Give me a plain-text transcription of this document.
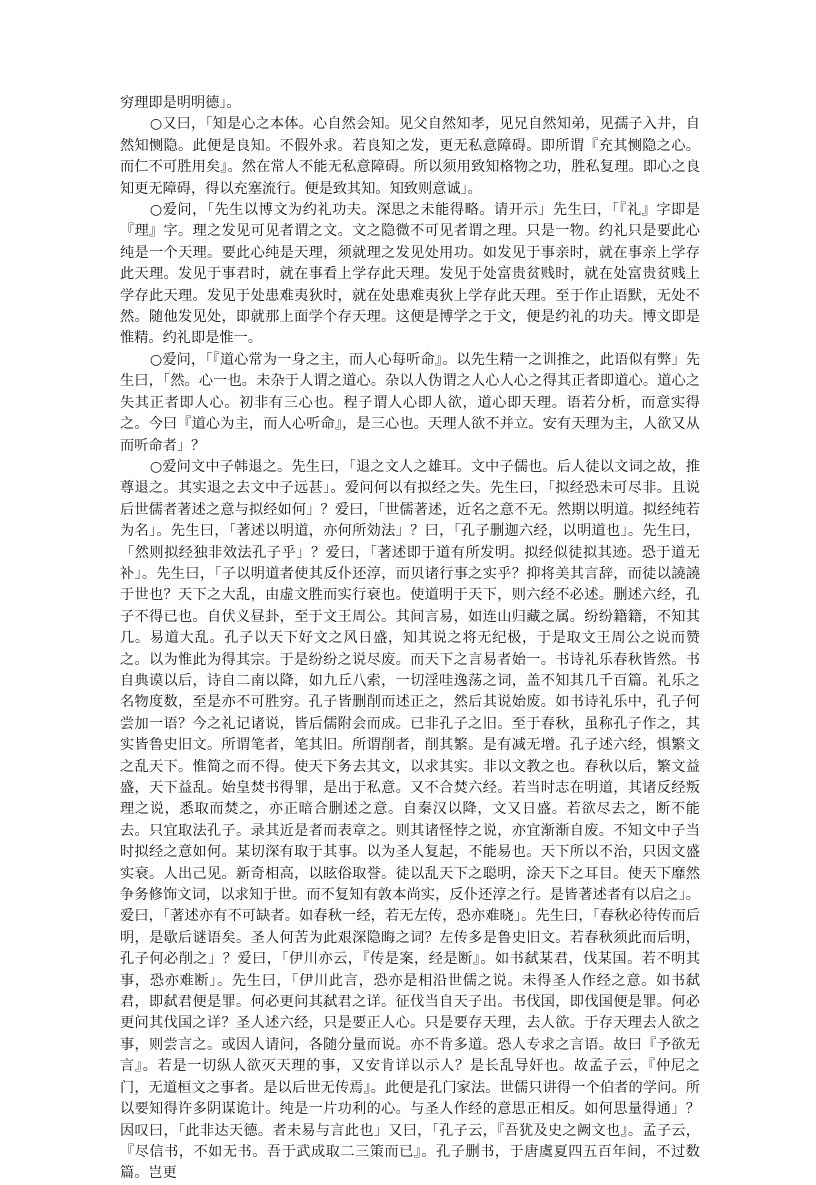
穷理即是明明德」。

○又曰，「知是心之本体。心自然会知。见父自然知孝，见兄自然知弟，见孺子入井，自然知恻隐。此便是良知。不假外求。若良知之发，更无私意障碍。即所谓『充其恻隐之心。而仁不可胜用矣』。然在常人不能无私意障碍。所以须用致知格物之功，胜私复理。即心之良知更无障碍，得以充塞流行。便是致其知。知致则意诚」。

○爱问，「先生以博文为约礼功夫。深思之未能得略。请开示」先生曰，「『礼』字即是『理』字。理之发见可见者谓之文。文之隐微不可见者谓之理。只是一物。约礼只是要此心纯是一个天理。要此心纯是天理，须就理之发见处用功。如发见于事亲时，就在事亲上学存此天理。发见于事君时，就在事看上学存此天理。发见于处富贵贫贱时，就在处富贵贫贱上学存此天理。发见于处患难夷狄时，就在处患难夷狄上学存此天理。至于作止语默，无处不然。随他发见处，即就那上面学个存天理。这便是博学之于文，便是约礼的功夫。博文即是惟精。约礼即是惟一。

○爱问，「『道心常为一身之主，而人心每听命』。以先生精一之训推之，此语似有弊」先生曰，「然。心一也。未杂于人谓之道心。杂以人伪谓之人心人心之得其正者即道心。道心之失其正者即人心。初非有三心也。程子谓人心即人欲，道心即天理。语若分析，而意实得之。今曰『道心为主，而人心听命』，是三心也。天理人欲不并立。安有天理为主，人欲又从而听命者」？

○爱问文中子韩退之。先生曰，「退之文人之雄耳。文中子儒也。后人徒以文词之故，推尊退之。其实退之去文中子远甚」。爱问何以有拟经之失。先生曰，「拟经恐未可尽非。且说后世儒者著述之意与拟经如何」？爱曰，「世儒著述，近名之意不无。然期以明道。拟经纯若为名」。先生曰，「著述以明道，亦何所効法」？曰，「孔子删迦六经，以明道也」。先生曰，「然则拟经独非效法孔子乎」？爱曰，「著述即于道有所发明。拟经似徒拟其迹。恐于道无补」。先生曰，「子以明道者使其反仆还淳，而贝诸行事之实乎？抑将美其言辞，而徒以譊譊于世也？天下之大乱，由虚文胜而实行衰也。使道明于天下，则六经不必述。删述六经，孔子不得已也。自伏义昼卦，至于文王周公。其间言易，如连山归藏之属。纷纷籍籍，不知其几。易道大乱。孔子以天下好文之风日盛，知其说之将无纪极，于是取文王周公之说而赞之。以为惟此为得其宗。于是纷纷之说尽废。而天下之言易者始一。书诗礼乐春秋皆然。书自典谟以后，诗自二南以降，如九丘八索，一切淫哇逸荡之词，盖不知其几千百篇。礼乐之名物度数，至是亦不可胜穷。孔子皆删削而述正之，然后其说始废。如书诗礼乐中，孔子何尝加一语？今之礼记诸说，皆后儒附会而成。已非孔子之旧。至于春秋，虽称孔子作之，其实皆鲁史旧文。所谓笔者，笔其旧。所谓削者，削其繁。是有减无增。孔子述六经，惧繁文之乱天下。惟简之而不得。使天下务去其文，以求其实。非以文教之也。春秋以后，繁文益盛，天下益乱。始皇焚书得罪，是出于私意。又不合焚六经。若当时志在明道，其诸反经叛理之说，悉取而焚之，亦正暗合删述之意。自秦汉以降，文又日盛。若欲尽去之，断不能去。只宜取法孔子。录其近是者而表章之。则其诸怪悖之说，亦宜渐渐自废。不知文中子当时拟经之意如何。某切深有取于其事。以为圣人复起，不能易也。天下所以不治，只因文盛实衰。人出己见。新奇相高，以眩俗取誉。徒以乱天下之聪明，涂天下之耳目。使天下靡然争务修饰文词，以求知于世。而不复知有敦本尚实，反仆还淳之行。是皆著述者有以启之」。爱曰，「著述亦有不可缺者。如春秋一经，若无左传，恐亦难晓」。先生曰，「春秋必待传而后明，是歇后谜语矣。圣人何苦为此艰深隐晦之词？左传多是鲁史旧文。若春秋须此而后明，孔子何必削之」？爱曰，「伊川亦云，『传是案，经是断』。如书弑某君，伐某国。若不明其事，恐亦难断」。先生曰，「伊川此言，恐亦是相沿世儒之说。未得圣人作经之意。如书弑君，即弑君便是罪。何必更问其弑君之详。征伐当自天子出。书伐国，即伐国便是罪。何必更问其伐国之详？圣人述六经，只是要正人心。只是要存天理，去人欲。于存天理去人欲之事，则尝言之。或因人请问，各随分量而说。亦不肯多道。恐人专求之言语。故曰『予欲无言』。若是一切纵人欲灭天理的事，又安肯详以示人？是长乱导奸也。故孟子云，『仲尼之门，无道桓文之事者。是以后世无传焉』。此便是孔门家法。世儒只讲得一个伯者的学问。所以要知得许多阴谋诡计。纯是一片功利的心。与圣人作经的意思正相反。如何思量得通」？因叹曰，「此非达天德。者未易与言此也」又曰，「孔子云，『吾犹及史之阙文也』。孟子云，『尽信书，不如无书。吾于武成取二三策而已』。孔子删书，于唐虞夏四五百年间，不过数篇。岂更
